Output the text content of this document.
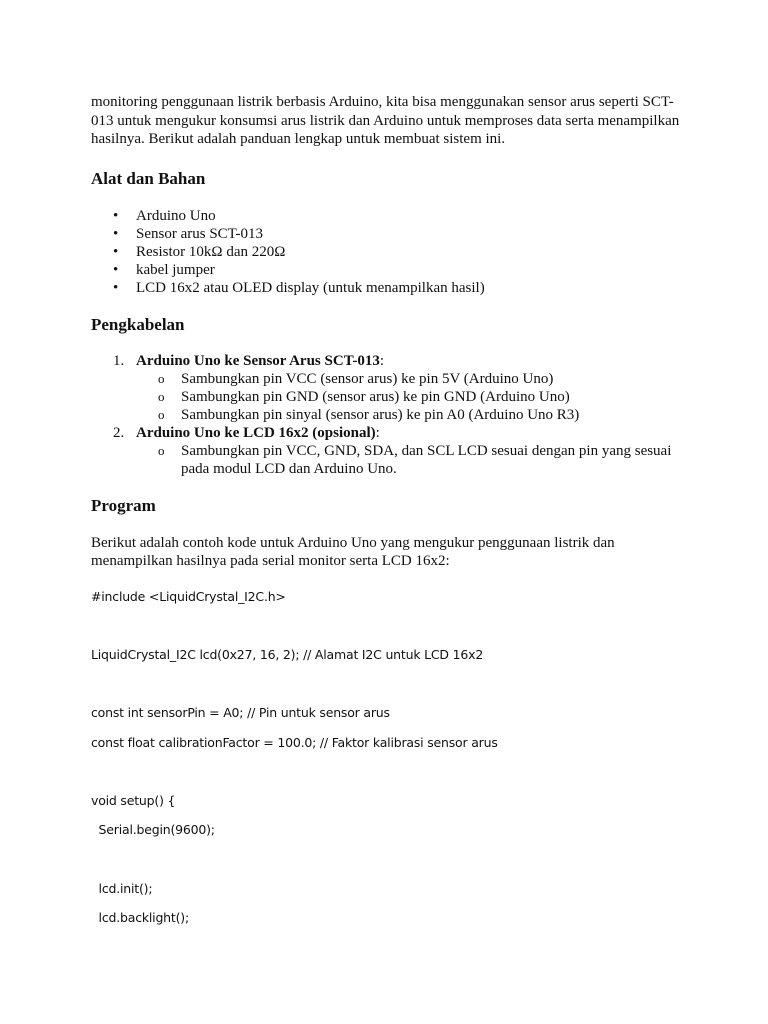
monitoring penggunaan listrik berbasis Arduino, kita bisa menggunakan sensor arus seperti SCT-013 untuk mengukur konsumsi arus listrik dan Arduino untuk memproses data serta menampilkan hasilnya. Berikut adalah panduan lengkap untuk membuat sistem ini.

Alat dan Bahan
• Arduino Uno
• Sensor arus SCT-013
• Resistor 10kΩ dan 220Ω
• kabel jumper
• LCD 16x2 atau OLED display (untuk menampilkan hasil)
Pengkabelan
1. Arduino Uno ke Sensor Arus SCT-013:
o Sambungkan pin VCC (sensor arus) ke pin 5V (Arduino Uno)
o Sambungkan pin GND (sensor arus) ke pin GND (Arduino Uno)
o Sambungkan pin sinyal (sensor arus) ke pin A0 (Arduino Uno R3)
2. Arduino Uno ke LCD 16x2 (opsional):
o Sambungkan pin VCC, GND, SDA, dan SCL LCD sesuai dengan pin yang sesuai pada modul LCD dan Arduino Uno.
Program

Berikut adalah contoh kode untuk Arduino Uno yang mengukur penggunaan listrik dan menampilkan hasilnya pada serial monitor serta LCD 16x2:

#include <LiquidCrystal_I2C.h>

LiquidCrystal_I2C lcd(0x27, 16, 2); // Alamat I2C untuk LCD 16x2

const int sensorPin = A0; // Pin untuk sensor arus

const float calibrationFactor = 100.0; // Faktor kalibrasi sensor arus

void setup() {

Serial.begin(9600);

lcd.init();

lcd.backlight();
